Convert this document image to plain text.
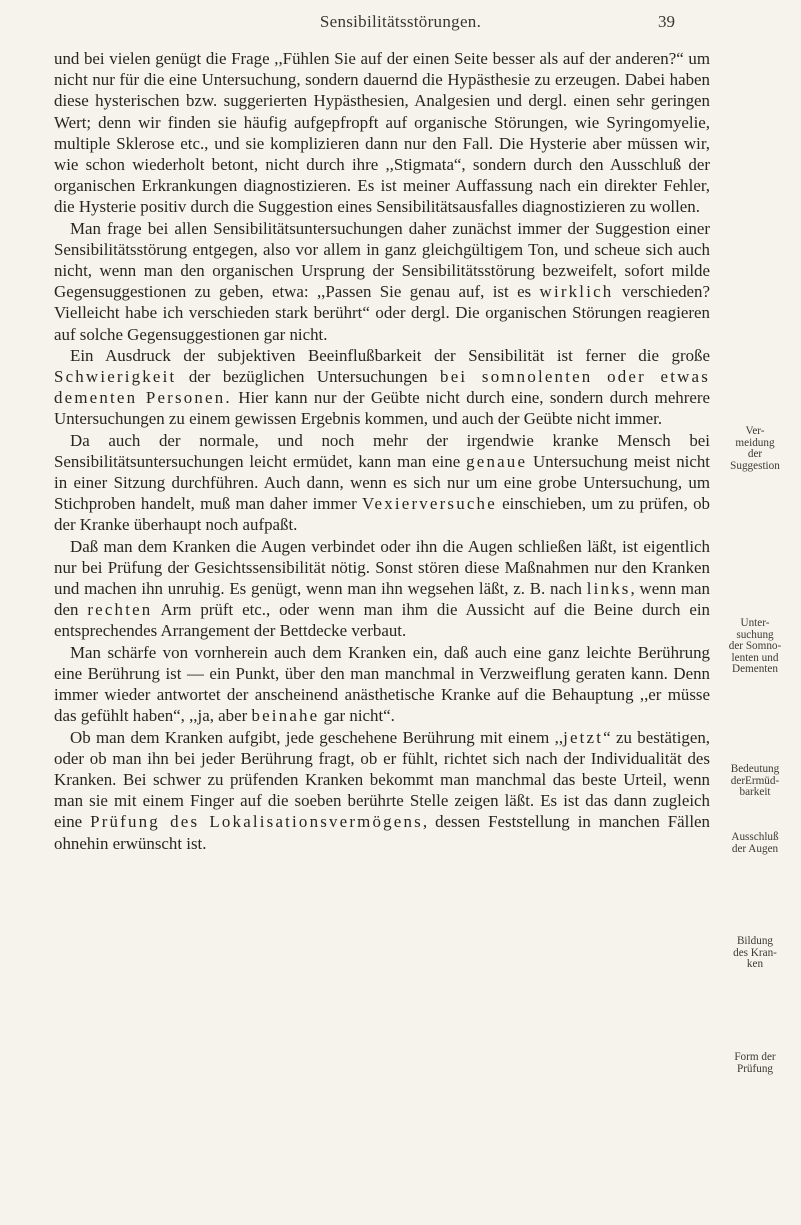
Sensibilitätsstörungen.	39

und bei vielen genügt die Frage ,,Fühlen Sie auf der einen Seite besser als auf der anderen?“ um nicht nur für die eine Untersuchung, sondern dauernd die Hypästhesie zu erzeugen. Dabei haben diese hysterischen bzw. suggerierten Hypästhesien, Analgesien und dergl. einen sehr geringen Wert; denn wir finden sie häufig aufgepfropft auf organische Störungen, wie Syringomyelie, multiple Sklerose etc., und sie komplizieren dann nur den Fall. Die Hysterie aber müssen wir, wie schon wiederholt betont, nicht durch ihre ,,Stigmata“, sondern durch den Ausschluß der organischen Erkrankungen diagnostizieren. Es ist meiner Auffassung nach ein direkter Fehler, die Hysterie positiv durch die Suggestion eines Sensibilitätsausfalles diagnostizieren zu wollen.

Man frage bei allen Sensibilitätsuntersuchungen daher zunächst immer der Suggestion einer Sensibilitätsstörung entgegen, also vor allem in ganz gleichgültigem Ton, und scheue sich auch nicht, wenn man den organischen Ursprung der Sensibilitätsstörung bezweifelt, sofort milde Gegensuggestionen zu geben, etwa: ,,Passen Sie genau auf, ist es wirklich verschieden? Vielleicht habe ich verschieden stark berührt“ oder dergl. Die organischen Störungen reagieren auf solche Gegensuggestionen gar nicht.

Ein Ausdruck der subjektiven Beeinflußbarkeit der Sensibilität ist ferner die große Schwierigkeit der bezüglichen Untersuchungen bei somnolenten oder etwas dementen Personen. Hier kann nur der Geübte nicht durch eine, sondern durch mehrere Untersuchungen zu einem gewissen Ergebnis kommen, und auch der Geübte nicht immer.

Da auch der normale, und noch mehr der irgendwie kranke Mensch bei Sensibilitätsuntersuchungen leicht ermüdet, kann man eine genaue Untersuchung meist nicht in einer Sitzung durchführen. Auch dann, wenn es sich nur um eine grobe Untersuchung, um Stichproben handelt, muß man daher immer Vexierversuche einschieben, um zu prüfen, ob der Kranke überhaupt noch aufpaßt.

Daß man dem Kranken die Augen verbindet oder ihn die Augen schließen läßt, ist eigentlich nur bei Prüfung der Gesichtssensibilität nötig. Sonst stören diese Maßnahmen nur den Kranken und machen ihn unruhig. Es genügt, wenn man ihn wegsehen läßt, z. B. nach links, wenn man den rechten Arm prüft etc., oder wenn man ihm die Aussicht auf die Beine durch ein entsprechendes Arrangement der Bettdecke verbaut.

Man schärfe von vornherein auch dem Kranken ein, daß auch eine ganz leichte Berührung eine Berührung ist — ein Punkt, über den man manchmal in Verzweiflung geraten kann. Denn immer wieder antwortet der anscheinend anästhetische Kranke auf die Behauptung ,,er müsse das gefühlt haben“, ,,ja, aber beinahe gar nicht“.

Ob man dem Kranken aufgibt, jede geschehene Berührung mit einem ,,jetzt“ zu bestätigen, oder ob man ihn bei jeder Berührung fragt, ob er fühlt, richtet sich nach der Individualität des Kranken. Bei schwer zu prüfenden Kranken bekommt man manchmal das beste Urteil, wenn man sie mit einem Finger auf die soeben berührte Stelle zeigen läßt. Es ist das dann zugleich eine Prüfung des Lokalisationsvermögens, dessen Feststellung in manchen Fällen ohnehin erwünscht ist.

Ver-
meidung
der
Suggestion
Unter-
suchung
der Somno-
lenten und
Dementen
Bedeutung
derErmüd-
barkeit
Ausschluß
der Augen
Bildung
des Kran-
ken
Form der
Prüfung
